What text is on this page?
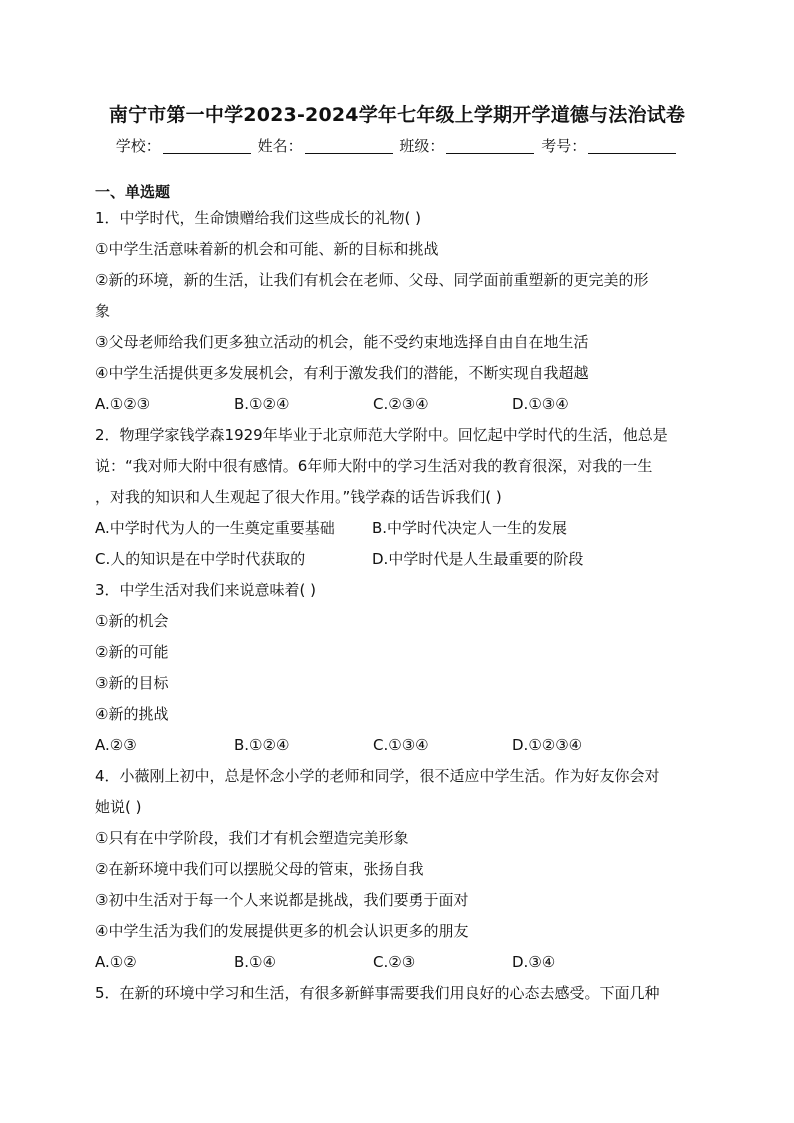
南宁市第一中学2023-2024学年七年级上学期开学道德与法治试卷
学校：	姓名：	班级：	考号：
一、单选题
1．中学时代，生命馈赠给我们这些成长的礼物( )
①中学生活意味着新的机会和可能、新的目标和挑战
②新的环境，新的生活，让我们有机会在老师、父母、同学面前重塑新的更完美的形
象
③父母老师给我们更多独立活动的机会，能不受约束地选择自由自在地生活
④中学生活提供更多发展机会，有利于激发我们的潜能，不断实现自我超越
A.①②③	B.①②④	C.②③④	D.①③④
2．物理学家钱学森1929年毕业于北京师范大学附中。回忆起中学时代的生活，他总是
说：“我对师大附中很有感情。6年师大附中的学习生活对我的教育很深，对我的一生
，对我的知识和人生观起了很大作用。”钱学森的话告诉我们( )
A.中学时代为人的一生奠定重要基础	B.中学时代决定人一生的发展
C.人的知识是在中学时代获取的	D.中学时代是人生最重要的阶段
3．中学生活对我们来说意味着( )
①新的机会
②新的可能
③新的目标
④新的挑战
A.②③	B.①②④	C.①③④	D.①②③④
4．小薇刚上初中，总是怀念小学的老师和同学，很不适应中学生活。作为好友你会对
她说( )
①只有在中学阶段，我们才有机会塑造完美形象
②在新环境中我们可以摆脱父母的管束，张扬自我
③初中生活对于每一个人来说都是挑战，我们要勇于面对
④中学生活为我们的发展提供更多的机会认识更多的朋友
A.①②	B.①④	C.②③	D.③④
5．在新的环境中学习和生活，有很多新鲜事需要我们用良好的心态去感受。下面几种
